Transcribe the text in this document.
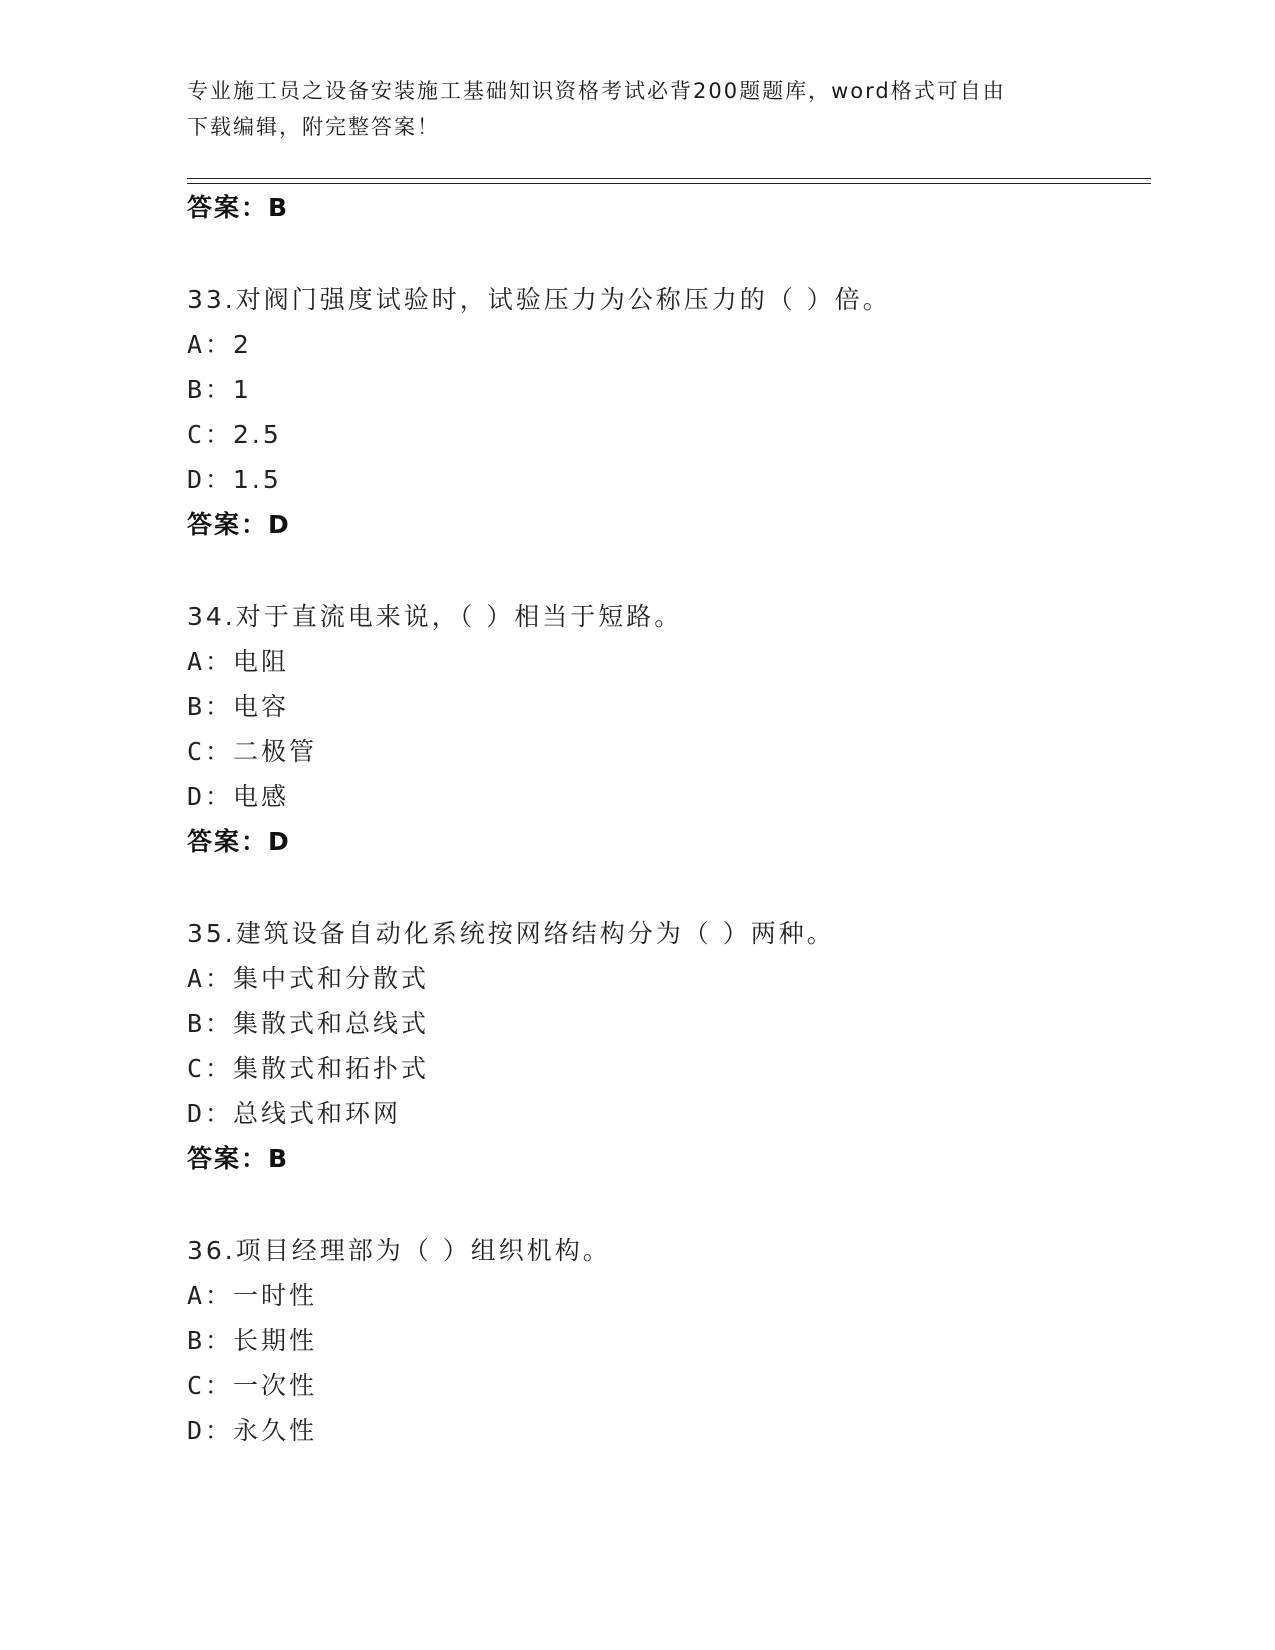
专业施工员之设备安装施工基础知识资格考试必背200题题库，word格式可自由
下载编辑，附完整答案！
答案：B
33.对阀门强度试验时，试验压力为公称压力的（ ）倍。
A：2
B：1
C：2.5
D：1.5
答案：D
34.对于直流电来说，（ ）相当于短路。
A：电阻
B：电容
C：二极管
D：电感
答案：D
35.建筑设备自动化系统按网络结构分为（ ）两种。
A：集中式和分散式
B：集散式和总线式
C：集散式和拓扑式
D：总线式和环网
答案：B
36.项目经理部为（ ）组织机构。
A：一时性
B：长期性
C：一次性
D：永久性
